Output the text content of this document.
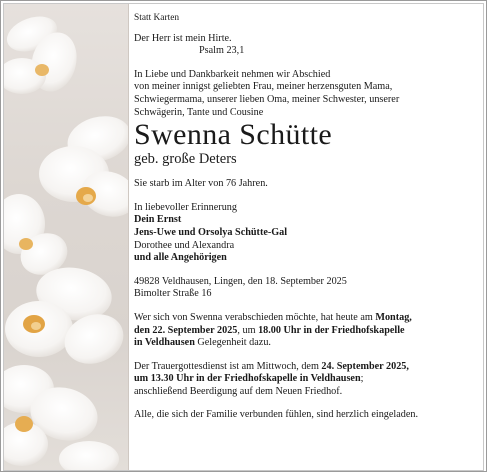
Statt Karten

Der Herr ist mein Hirte.

Psalm 23,1

In Liebe und Dankbarkeit nehmen wir Abschied

von meiner innigst geliebten Frau, meiner herzensguten Mama,

Schwiegermama, unserer lieben Oma, meiner Schwester, unserer

Schwägerin, Tante und Cousine

Swenna Schütte

geb. große Deters

Sie starb im Alter von 76 Jahren.

In liebevoller Erinnerung

Dein Ernst

Jens-Uwe und Orsolya Schütte-Gal

Dorothee und Alexandra

und alle Angehörigen

49828 Veldhausen, Lingen, den 18. September 2025

Bimolter Straße 16

Wer sich von Swenna verabschieden möchte, hat heute am Montag,
den 22. September 2025, um 18.00 Uhr in der Friedhofskapelle
in Veldhausen Gelegenheit dazu.

Der Trauergottesdienst ist am Mittwoch, dem 24. September 2025,
um 13.30 Uhr in der Friedhofskapelle in Veldhausen;
anschließend Beerdigung auf dem Neuen Friedhof.

Alle, die sich der Familie verbunden fühlen, sind herzlich eingeladen.
